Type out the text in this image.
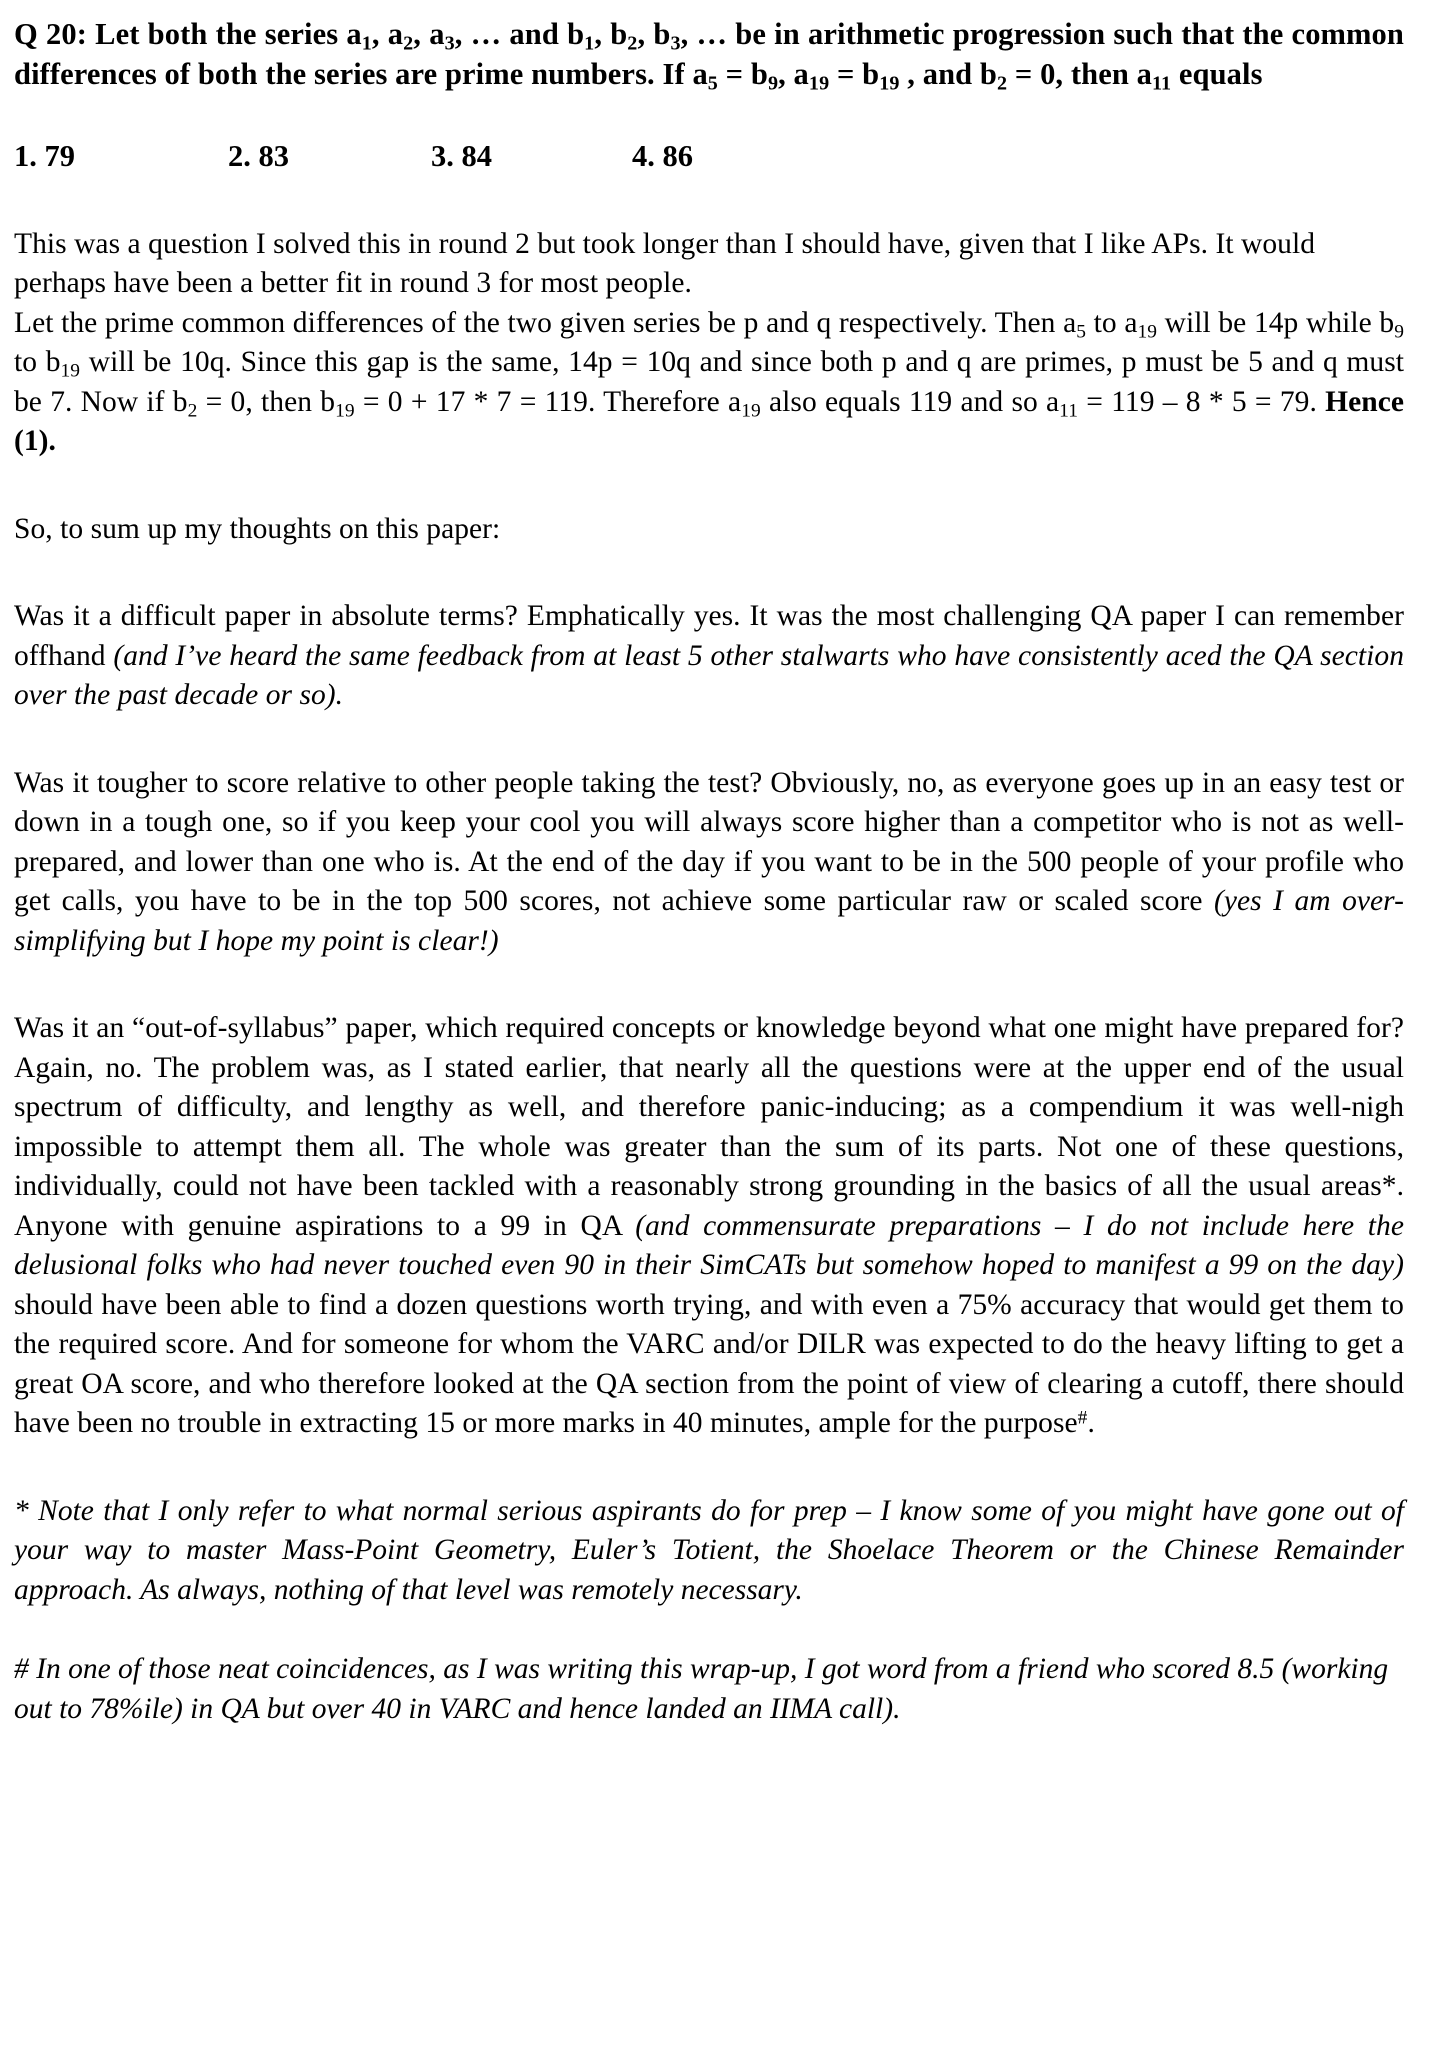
Q 20: Let both the series $a_1$, $a_2$, $a_3$, … and $b_1$, $b_2$, $b_3$, … be in arithmetic progression such that the common differences of both the series are prime numbers. If $a_5 = b_9$, $a_{19} = b_{19}$ , and $b_2 = 0$, then $a_{11}$ equals

1. 79	2. 83	3. 84	4. 86

This was a question I solved this in round 2 but took longer than I should have, given that I like APs. It would perhaps have been a better fit in round 3 for most people.

Let the prime common differences of the two given series be p and q respectively. Then $a_5$ to $a_{19}$ will be 14p while $b_9$ to $b_{19}$ will be 10q. Since this gap is the same, 14p = 10q and since both p and q are primes, p must be 5 and q must be 7. Now if $b_2 = 0$, then $b_{19} = 0 + 17 * 7 = 119$. Therefore $a_{19}$ also equals 119 and so $a_{11} = 119 - 8 * 5 = 79$. Hence (1).

So, to sum up my thoughts on this paper:

Was it a difficult paper in absolute terms? Emphatically yes. It was the most challenging QA paper I can remember offhand (and I’ve heard the same feedback from at least 5 other stalwarts who have consistently aced the QA section over the past decade or so).

Was it tougher to score relative to other people taking the test? Obviously, no, as everyone goes up in an easy test or down in a tough one, so if you keep your cool you will always score higher than a competitor who is not as well-prepared, and lower than one who is. At the end of the day if you want to be in the 500 people of your profile who get calls, you have to be in the top 500 scores, not achieve some particular raw or scaled score (yes I am over-simplifying but I hope my point is clear!)

Was it an “out-of-syllabus” paper, which required concepts or knowledge beyond what one might have prepared for? Again, no. The problem was, as I stated earlier, that nearly all the questions were at the upper end of the usual spectrum of difficulty, and lengthy as well, and therefore panic-inducing; as a compendium it was well-nigh impossible to attempt them all. The whole was greater than the sum of its parts. Not one of these questions, individually, could not have been tackled with a reasonably strong grounding in the basics of all the usual areas*. Anyone with genuine aspirations to a 99 in QA (and commensurate preparations – I do not include here the delusional folks who had never touched even 90 in their SimCATs but somehow hoped to manifest a 99 on the day) should have been able to find a dozen questions worth trying, and with even a 75% accuracy that would get them to the required score. And for someone for whom the VARC and/or DILR was expected to do the heavy lifting to get a great OA score, and who therefore looked at the QA section from the point of view of clearing a cutoff, there should have been no trouble in extracting 15 or more marks in 40 minutes, ample for the purpose#.

* Note that I only refer to what normal serious aspirants do for prep – I know some of you might have gone out of your way to master Mass-Point Geometry, Euler’s Totient, the Shoelace Theorem or the Chinese Remainder approach. As always, nothing of that level was remotely necessary.

# In one of those neat coincidences, as I was writing this wrap-up, I got word from a friend who scored 8.5 (working out to 78%ile) in QA but over 40 in VARC and hence landed an IIMA call).
